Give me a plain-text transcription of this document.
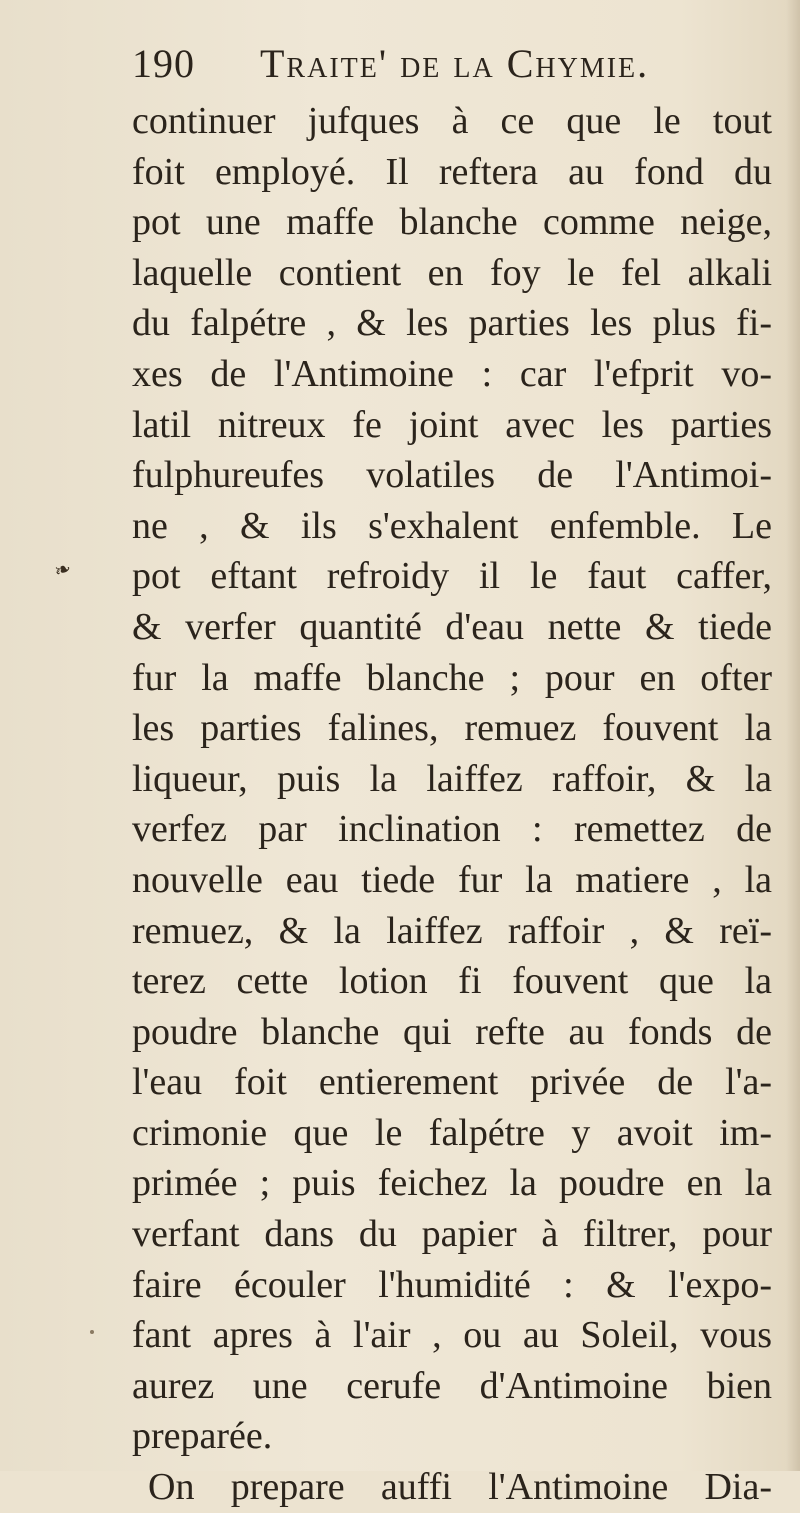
190 Traite' de la Chymie.
❧
continuer jufques à ce que le tout
foit employé. Il reftera au fond du
pot une maffe blanche comme neige,
laquelle contient en foy le fel alkali
du falpétre , & les parties les plus fi-
xes de l'Antimoine : car l'efprit vo-
latil nitreux fe joint avec les parties
fulphureufes volatiles de l'Antimoi-
ne , & ils s'exhalent enfemble. Le
pot eftant refroidy il le faut caffer,
& verfer quantité d'eau nette & tiede
fur la maffe blanche ; pour en ofter
les parties falines, remuez fouvent la
liqueur, puis la laiffez raffoir, & la
verfez par inclination : remettez de
nouvelle eau tiede fur la matiere , la
remuez, & la laiffez raffoir , & reï-
terez cette lotion fi fouvent que la
poudre blanche qui refte au fonds de
l'eau foit entierement privée de l'a-
crimonie que le falpétre y avoit im-
primée ; puis feichez la poudre en la
verfant dans du papier à filtrer, pour
faire écouler l'humidité : & l'expo-
fant apres à l'air , ou au Soleil, vous
aurez une cerufe d'Antimoine bien
preparée.
On prepare auffi l'Antimoine Dia-
